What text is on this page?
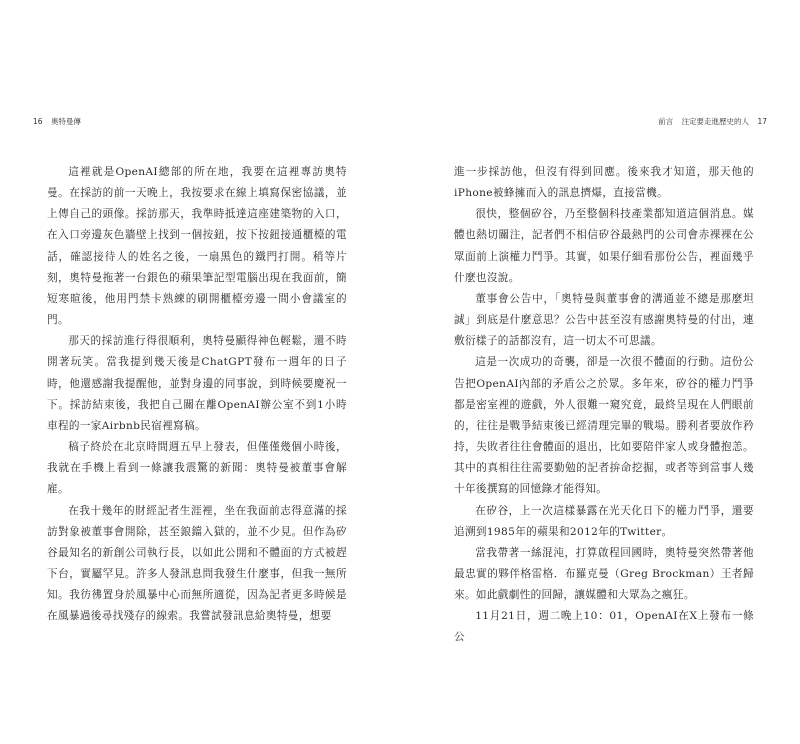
16 奧特曼傳

這裡就是OpenAI總部的所在地，我要在這裡專訪奧特曼。在採訪的前一天晚上，我按要求在線上填寫保密協議，並上傳自己的頭像。採訪那天，我準時抵達這座建築物的入口，在入口旁邊灰色牆壁上找到一個按鈕，按下按鈕接通櫃檯的電話，確認接待人的姓名之後，一扇黑色的鐵門打開。稍等片刻，奧特曼拖著一台銀色的蘋果筆記型電腦出現在我面前，簡短寒暄後，他用門禁卡熟練的刷開櫃檯旁邊一間小會議室的門。

那天的採訪進行得很順利，奧特曼顯得神色輕鬆，還不時開著玩笑。當我提到幾天後是ChatGPT發布一週年的日子時，他還感謝我提醒他，並對身邊的同事說，到時候要慶祝一下。採訪結束後，我把自己關在離OpenAI辦公室不到1小時車程的一家Airbnb民宿裡寫稿。

稿子終於在北京時間週五早上發表，但僅僅幾個小時後，我就在手機上看到一條讓我震驚的新聞：奧特曼被董事會解雇。

在我十幾年的財經記者生涯裡，坐在我面前志得意滿的採訪對象被董事會開除，甚至鋃鐺入獄的，並不少見。但作為矽谷最知名的新創公司執行長，以如此公開和不體面的方式被趕下台，實屬罕見。許多人發訊息問我發生什麼事，但我一無所知。我彷彿置身於風暴中心而無所適從，因為記者更多時候是在風暴過後尋找殘存的線索。我嘗試發訊息給奧特曼，想要

前言 注定要走進歷史的人 17

進一步採訪他，但沒有得到回應。後來我才知道，那天他的iPhone被蜂擁而入的訊息擠爆，直接當機。

很快，整個矽谷，乃至整個科技產業都知道這個消息。媒體也熱切關注，記者們不相信矽谷最熱門的公司會赤裸裸在公眾面前上演權力鬥爭。其實，如果仔細看那份公告，裡面幾乎什麼也沒說。

董事會公告中，「奧特曼與董事會的溝通並不總是那麼坦誠」到底是什麼意思？公告中甚至沒有感謝奧特曼的付出，連敷衍樣子的話都沒有，這一切太不可思議。

這是一次成功的奇襲，卻是一次很不體面的行動。這份公告把OpenAI內部的矛盾公之於眾。多年來，矽谷的權力鬥爭都是密室裡的遊戲，外人很難一窺究竟，最終呈現在人們眼前的，往往是戰爭結束後已經清理完畢的戰場。勝利者要放作矜持，失敗者往往會體面的退出，比如要陪伴家人或身體抱恙。其中的真相往往需要勤勉的記者拚命挖掘，或者等到當事人幾十年後撰寫的回憶錄才能得知。

在矽谷，上一次這樣暴露在光天化日下的權力鬥爭，還要追溯到1985年的蘋果和2012年的Twitter。

當我帶著一絲混沌，打算啟程回國時，奧特曼突然帶著他最忠實的夥伴格雷格．布羅克曼（Greg Brockman）王者歸來。如此戲劇性的回歸，讓媒體和大眾為之瘋狂。

11月21日，週二晚上10：01，OpenAI在X上發布一條公
